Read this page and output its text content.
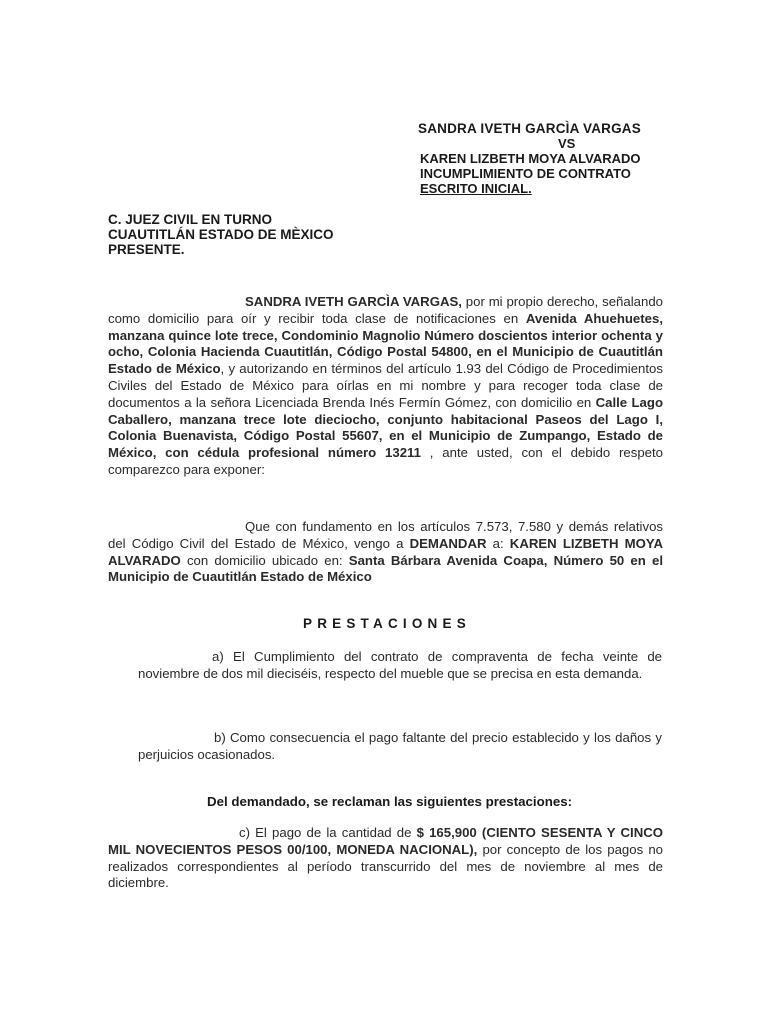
SANDRA IVETH GARCÌA VARGAS
VS
KAREN LIZBETH MOYA ALVARADO
INCUMPLIMIENTO DE CONTRATO
ESCRITO INICIAL.
C. JUEZ CIVIL EN TURNO
CUAUTITLÁN ESTADO DE MÈXICO
PRESENTE.
SANDRA IVETH GARCÌA VARGAS, por mi propio derecho, señalando como domicilio para oír y recibir toda clase de notificaciones en Avenida Ahuehuetes, manzana quince lote trece, Condominio Magnolio Número doscientos interior ochenta y ocho, Colonia Hacienda Cuautitlán, Código Postal 54800, en el Municipio de Cuautitlán Estado de México, y autorizando en términos del artículo 1.93 del Código de Procedimientos Civiles del Estado de México para oírlas en mi nombre y para recoger toda clase de documentos a la señora Licenciada Brenda Inés Fermín Gómez, con domicilio en Calle Lago Caballero, manzana trece lote dieciocho, conjunto habitacional Paseos del Lago I, Colonia Buenavista, Código Postal 55607, en el Municipio de Zumpango, Estado de México, con cédula profesional número 13211 , ante usted, con el debido respeto comparezco para exponer:
Que con fundamento en los artículos 7.573, 7.580 y demás relativos del Código Civil del Estado de México, vengo a DEMANDAR a: KAREN LIZBETH MOYA ALVARADO con domicilio ubicado en: Santa Bárbara Avenida Coapa, Número 50 en el Municipio de Cuautitlán Estado de México
PRESTACIONES
a) El Cumplimiento del contrato de compraventa de fecha veinte de noviembre de dos mil dieciséis, respecto del mueble que se precisa en esta demanda.
b) Como consecuencia el pago faltante del precio establecido y los daños y perjuicios ocasionados.
Del demandado, se reclaman las siguientes prestaciones:
c) El pago de la cantidad de $ 165,900 (CIENTO SESENTA Y CINCO MIL NOVECIENTOS PESOS 00/100, MONEDA NACIONAL), por concepto de los pagos no realizados correspondientes al período transcurrido del mes de noviembre al mes de diciembre.
